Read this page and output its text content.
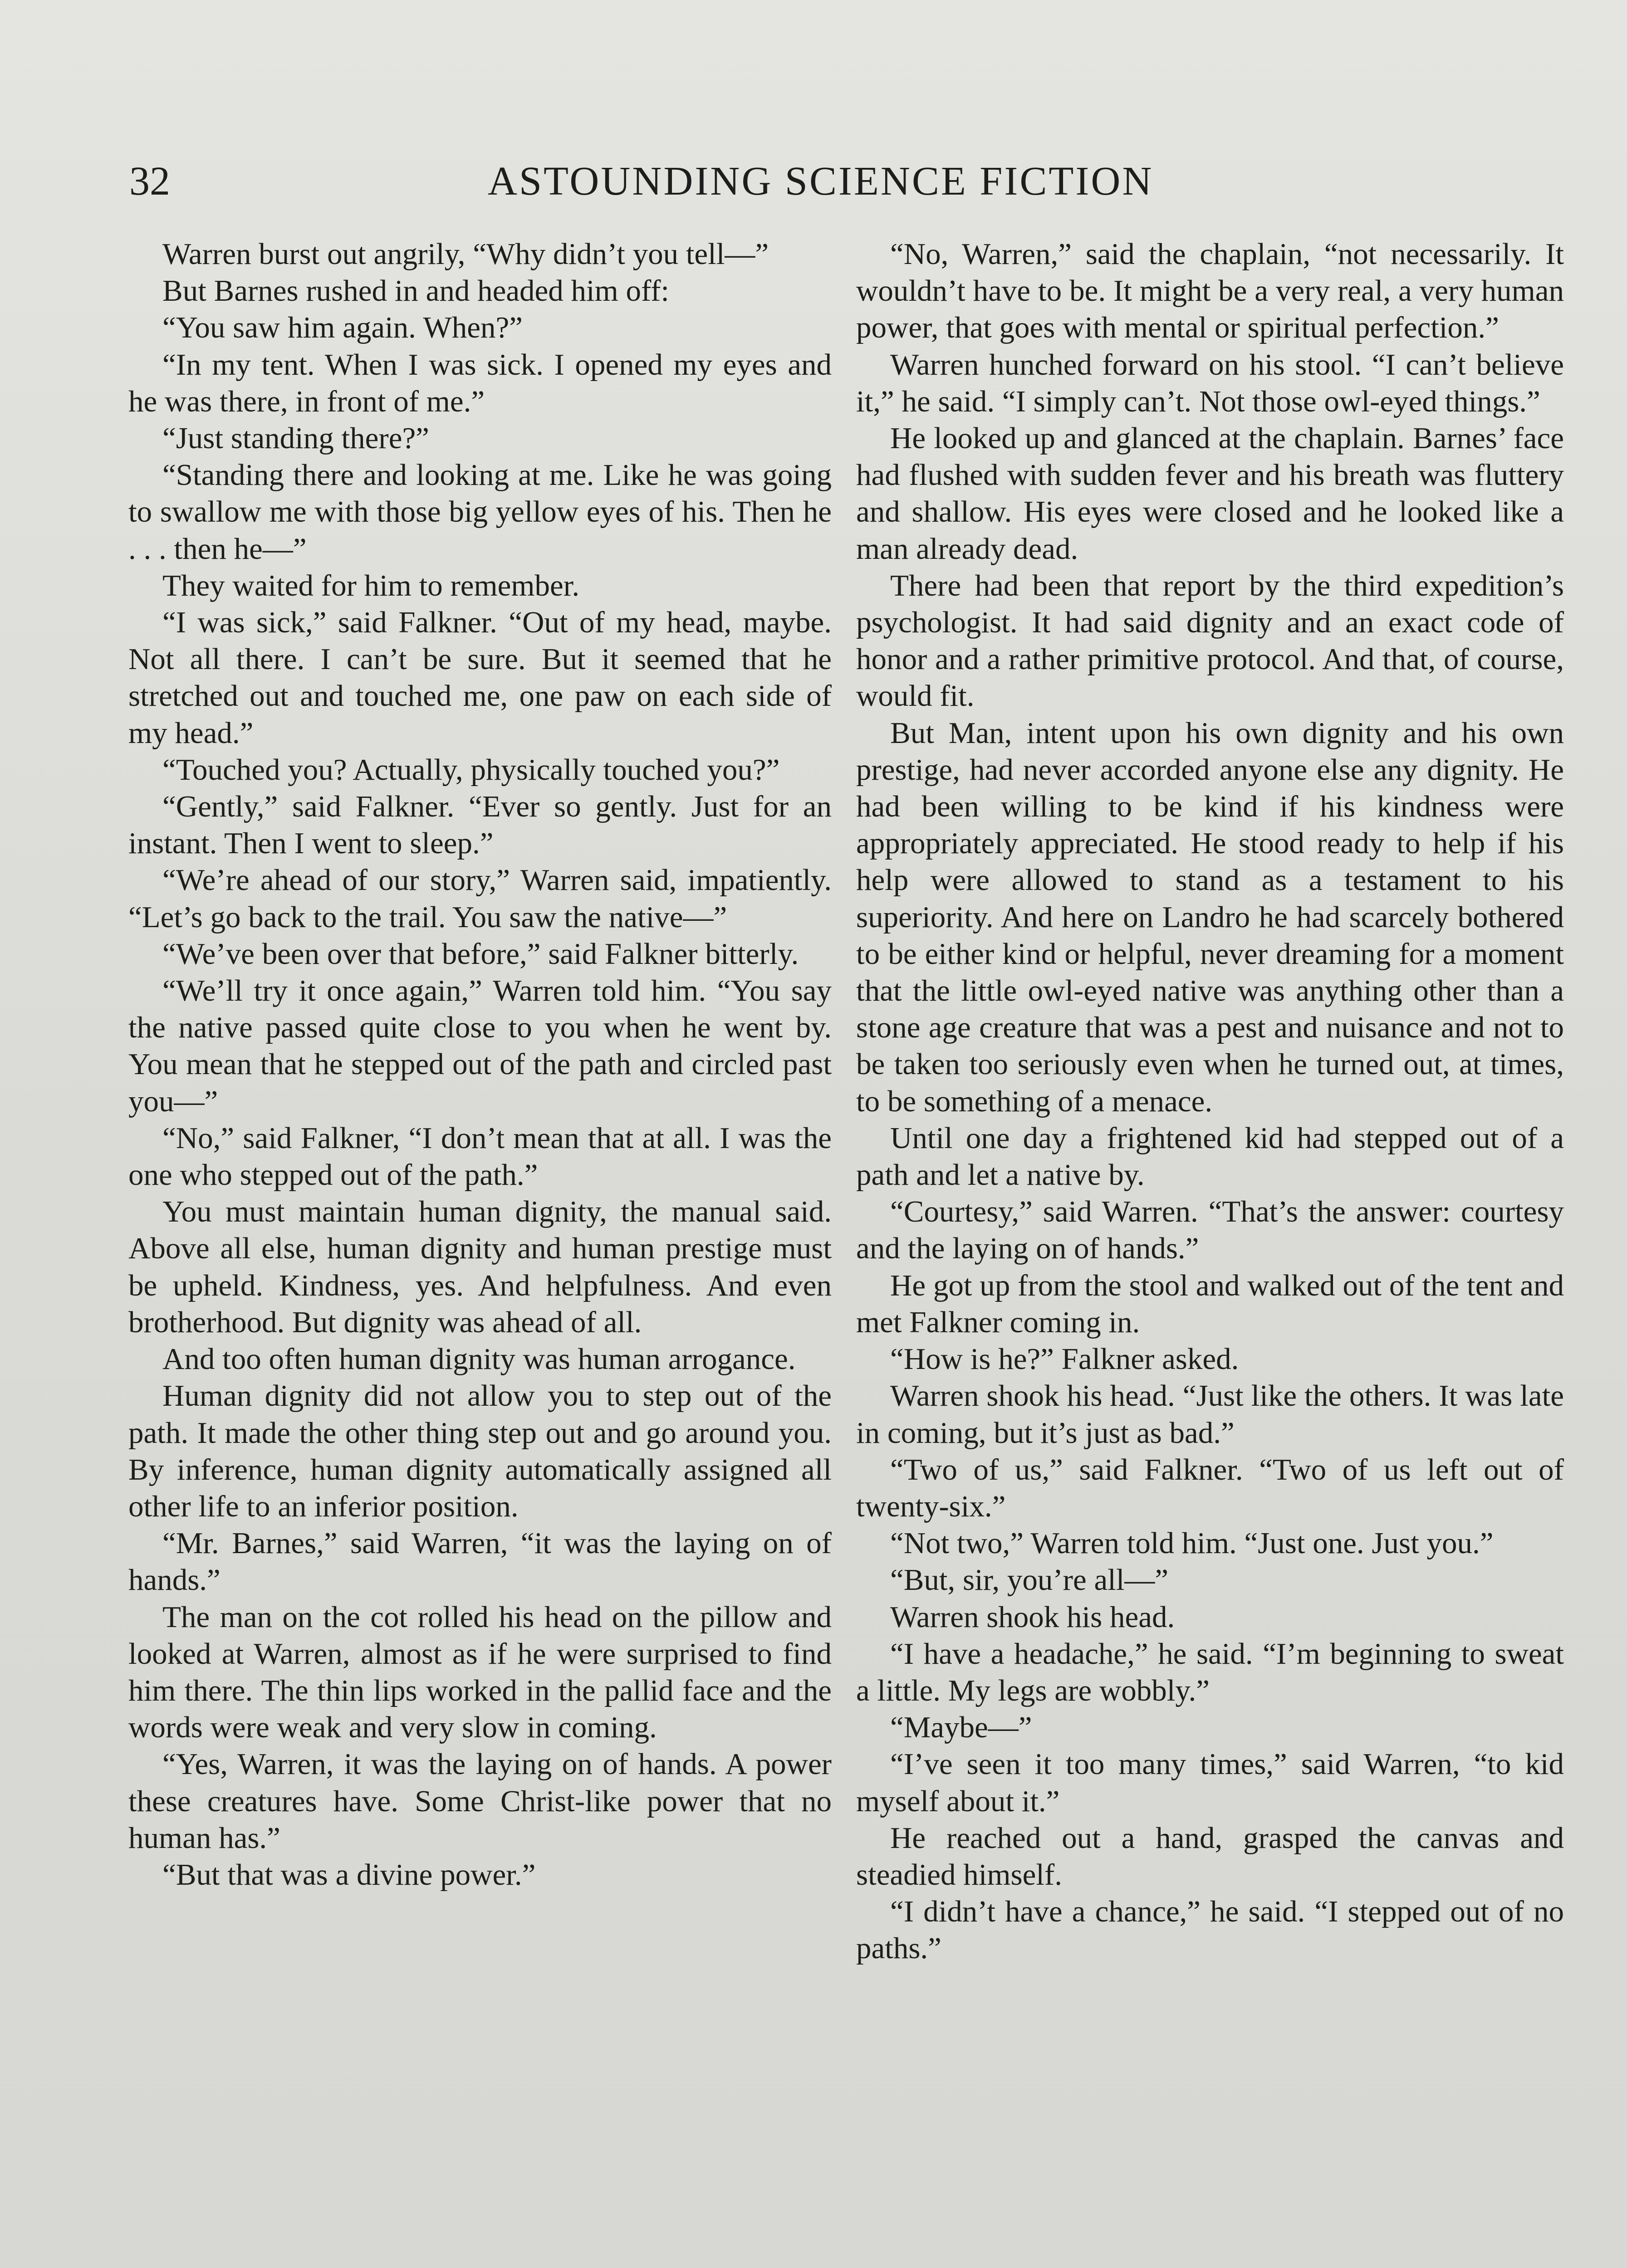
32	ASTOUNDING SCIENCE FICTION

Warren burst out angrily, “Why didn’t you tell—”

But Barnes rushed in and headed him off:

“You saw him again. When?”

“In my tent. When I was sick. I opened my eyes and he was there, in front of me.”

“Just standing there?”

“Standing there and looking at me. Like he was going to swallow me with those big yellow eyes of his. Then he . . . then he—”

They waited for him to remember.

“I was sick,” said Falkner. “Out of my head, maybe. Not all there. I can’t be sure. But it seemed that he stretched out and touched me, one paw on each side of my head.”

“Touched you? Actually, physically touched you?”

“Gently,” said Falkner. “Ever so gently. Just for an instant. Then I went to sleep.”

“We’re ahead of our story,” Warren said, impatiently. “Let’s go back to the trail. You saw the native—”

“We’ve been over that before,” said Falkner bitterly.

“We’ll try it once again,” Warren told him. “You say the native passed quite close to you when he went by. You mean that he stepped out of the path and circled past you—”

“No,” said Falkner, “I don’t mean that at all. I was the one who stepped out of the path.”

You must maintain human dignity, the manual said. Above all else, human dignity and human prestige must be upheld. Kindness, yes. And helpfulness. And even brotherhood. But dignity was ahead of all.

And too often human dignity was human arrogance.

Human dignity did not allow you to step out of the path. It made the other thing step out and go around you. By inference, human dignity automatically assigned all other life to an inferior position.

“Mr. Barnes,” said Warren, “it was the laying on of hands.”

The man on the cot rolled his head on the pillow and looked at Warren, almost as if he were surprised to find him there. The thin lips worked in the pallid face and the words were weak and very slow in coming.

“Yes, Warren, it was the laying on of hands. A power these creatures have. Some Christ-like power that no human has.”

“But that was a divine power.”

“No, Warren,” said the chaplain, “not necessarily. It wouldn’t have to be. It might be a very real, a very human power, that goes with mental or spiritual perfection.”

Warren hunched forward on his stool. “I can’t believe it,” he said. “I simply can’t. Not those owl-eyed things.”

He looked up and glanced at the chaplain. Barnes’ face had flushed with sudden fever and his breath was fluttery and shallow. His eyes were closed and he looked like a man already dead.

There had been that report by the third expedition’s psychologist. It had said dignity and an exact code of honor and a rather primitive protocol. And that, of course, would fit.

But Man, intent upon his own dignity and his own prestige, had never accorded anyone else any dignity. He had been willing to be kind if his kindness were appropriately appreciated. He stood ready to help if his help were allowed to stand as a testament to his superiority. And here on Landro he had scarcely bothered to be either kind or helpful, never dreaming for a moment that the little owl-eyed native was anything other than a stone age creature that was a pest and nuisance and not to be taken too seriously even when he turned out, at times, to be something of a menace.

Until one day a frightened kid had stepped out of a path and let a native by.

“Courtesy,” said Warren. “That’s the answer: courtesy and the laying on of hands.”

He got up from the stool and walked out of the tent and met Falkner coming in.

“How is he?” Falkner asked.

Warren shook his head. “Just like the others. It was late in coming, but it’s just as bad.”

“Two of us,” said Falkner. “Two of us left out of twenty-six.”

“Not two,” Warren told him. “Just one. Just you.”

“But, sir, you’re all—”

Warren shook his head.

“I have a headache,” he said. “I’m beginning to sweat a little. My legs are wobbly.”

“Maybe—”

“I’ve seen it too many times,” said Warren, “to kid myself about it.”

He reached out a hand, grasped the canvas and steadied himself.

“I didn’t have a chance,” he said. “I stepped out of no paths.”
